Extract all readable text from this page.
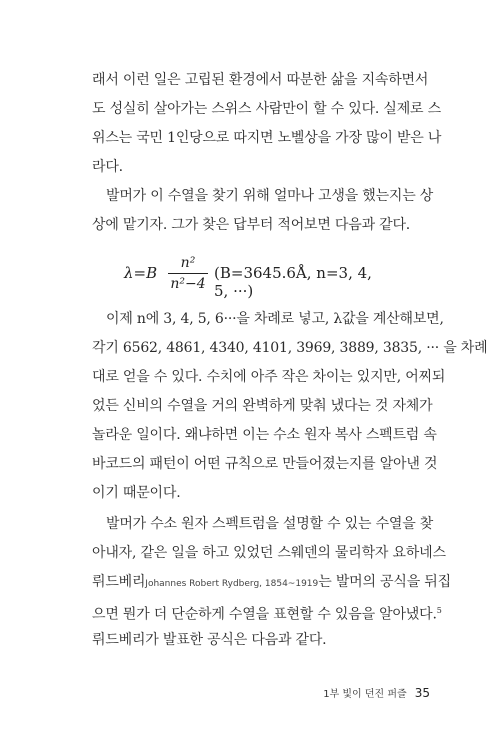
래서 이런 일은 고립된 환경에서 따분한 삶을 지속하면서
도 성실히 살아가는 스위스 사람만이 할 수 있다. 실제로 스
위스는 국민 1인당으로 따지면 노벨상을 가장 많이 받은 나
라다.
발머가 이 수열을 찾기 위해 얼마나 고생을 했는지는 상
상에 맡기자. 그가 찾은 답부터 적어보면 다음과 같다.
이제 n에 3, 4, 5, 6···을 차례로 넣고, λ값을 계산해보면,
각기 6562, 4861, 4340, 4101, 3969, 3889, 3835, ··· 을 차례
대로 얻을 수 있다. 수치에 아주 작은 차이는 있지만, 어찌되
었든 신비의 수열을 거의 완벽하게 맞춰 냈다는 것 자체가
놀라운 일이다. 왜냐하면 이는 수소 원자 복사 스펙트럼 속
바코드의 패턴이 어떤 규칙으로 만들어졌는지를 알아낸 것
이기 때문이다.
발머가 수소 원자 스펙트럼을 설명할 수 있는 수열을 찾
아내자, 같은 일을 하고 있었던 스웨덴의 물리학자 요하네스
뤼드베리Johannes Robert Rydberg, 1854~1919는 발머의 공식을 뒤집
으면 뭔가 더 단순하게 수열을 표현할 수 있음을 알아냈다.$^5$
뤼드베리가 발표한 공식은 다음과 같다.
λ=B
n²
n²−4
(B=3645.6Å, n=3, 4, 5, ···)
1부 빛이 던진 퍼즐 35
